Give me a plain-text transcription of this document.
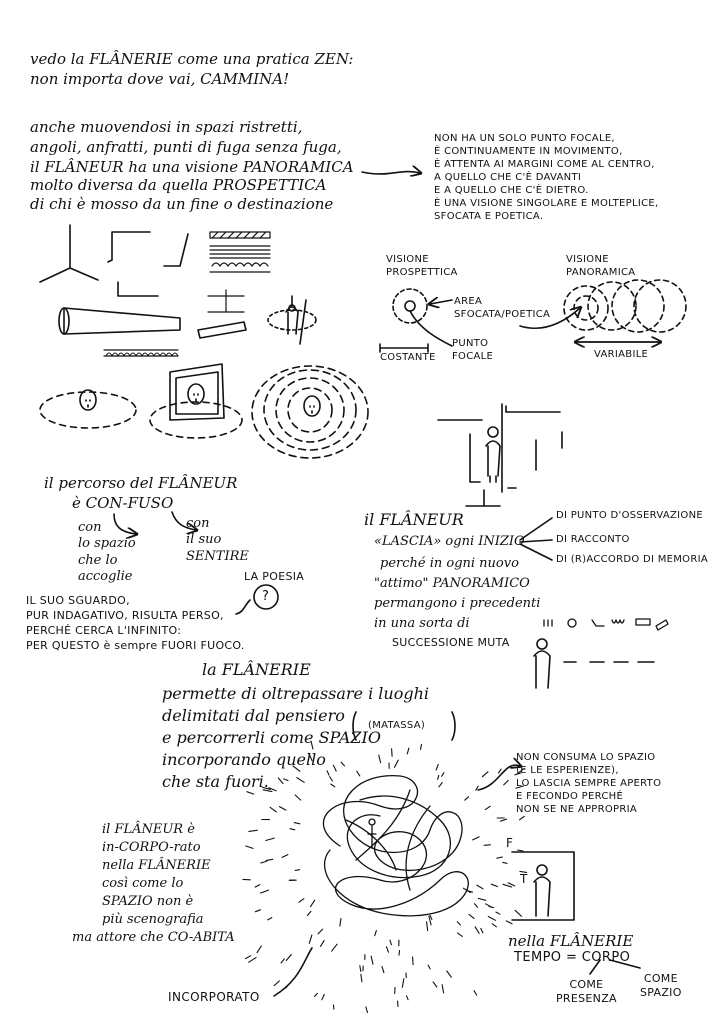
vedo la FLÂNERIE come una pratica ZEN:
non importa dove vai, CAMMINA!
anche muovendosi in spazi ristretti,
angoli, anfratti, punti di fuga senza fuga,
il FLÂNEUR ha una visione PANORAMICA
molto diversa da quella PROSPETTICA
di chi è mosso da un fine o destinazione
NON HA UN SOLO PUNTO FOCALE,
È CONTINUAMENTE IN MOVIMENTO,
È ATTENTA AI MARGINI COME AL CENTRO,
A QUELLO CHE C'È DAVANTI
E A QUELLO CHE C'È DIETRO.
È UNA VISIONE SINGOLARE E MOLTEPLICE,
SFOCATA E POETICA.
VISIONE
PROSPETTICA
VISIONE
PANORAMICA
AREA
SFOCATA/POETICA
PUNTO
FOCALE
COSTANTE	VARIABILE
il percorso del FLÂNEUR
è CON-FUSO
con
lo spazio
che lo
accoglie
con
il suo
SENTIRE
IL SUO SGUARDO,
PUR INDAGATIVO, RISULTA PERSO,
PERCHÉ CERCA L'INFINITO:
PER QUESTO è sempre FUORI FUOCO.
LA POESIA
?
il FLÂNEUR
«LASCIA» ogni INIZIO
DI PUNTO D'OSSERVAZIONE
DI RACCONTO
DI (R)ACCORDO DI MEMORIA
perché in ogni nuovo
"attimo" PANORAMICO
permangono i precedenti
in una sorta di
SUCCESSIONE MUTA
la FLÂNERIE
permette di oltrepassare i luoghi
delimitati dal pensiero
e percorrerli come SPAZIO
incorporando quello
che sta fuori.
(MATASSA)
NON CONSUMA LO SPAZIO
(E LE ESPERIENZE),
LO LASCIA SEMPRE APERTO
E FECONDO PERCHÉ
NON SE NE APPROPRIA
il FLÂNEUR è
in-CORPO-rato
nella FLÂNERIE
così come lo
SPAZIO non è
più scenografia
ma attore che CO-ABITA
INCORPORATO
F
T
nella FLÂNERIE
TEMPO = CORPO
COME
PRESENZA
COME
SPAZIO
